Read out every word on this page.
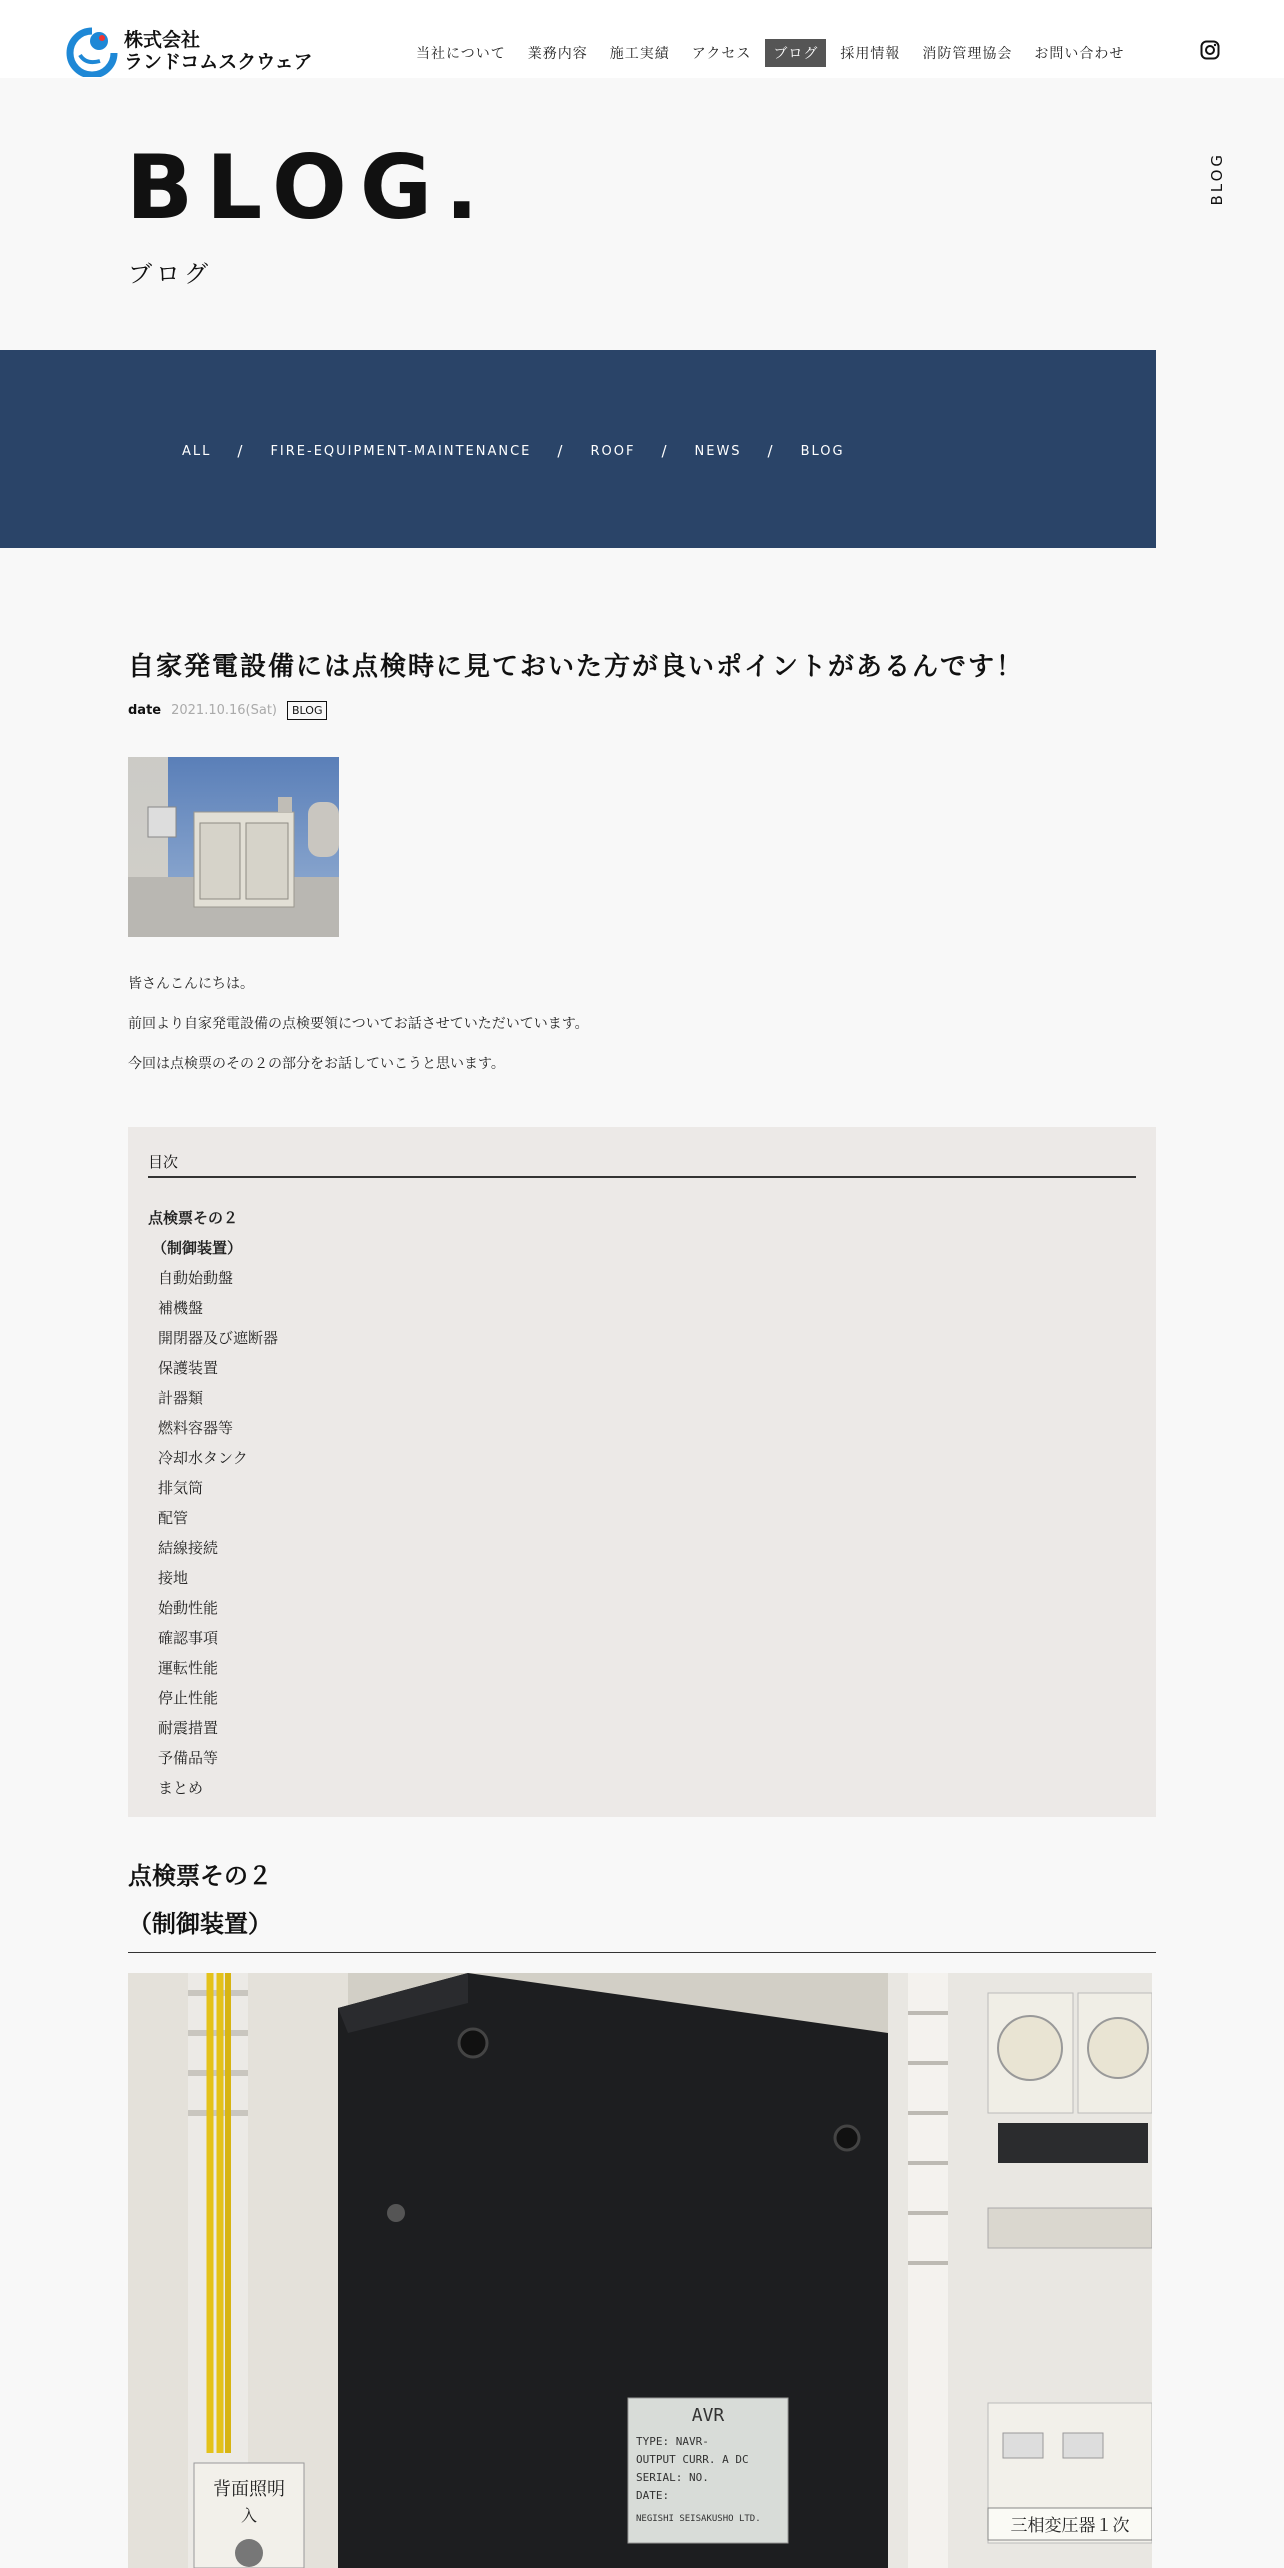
株式会社
ランドコムスクウェア	当社について	業務内容	施工実績	アクセス	ブログ	採用情報	消防管理協会	お問い合わせ
BLOG.

ブログ

BLOG
ALL / FIRE-EQUIPMENT-MAINTENANCE / ROOF / NEWS / BLOG
自家発電設備には点検時に見ておいた方が良いポイントがあるんです！
date 2021.10.16(Sat)	BLOG

皆さんこんにちは。

前回より自家発電設備の点検要領についてお話させていただいています。

今回は点検票のその２の部分をお話していこうと思います。

目次

点検票その２
（制御装置）
自動始動盤
補機盤
開閉器及び遮断器
保護装置
計器類
燃料容器等
冷却水タンク
排気筒
配管
結線接続
接地
始動性能
確認事項
運転性能
停止性能
耐震措置
予備品等
まとめ
点検票その２
（制御装置）
背面照明
入
AVR
TYPE: NAVR-
OUTPUT CURR. A DC
SERIAL: NO.
DATE:
NEGISHI SEISAKUSHO LTD.	三相変圧器１次
